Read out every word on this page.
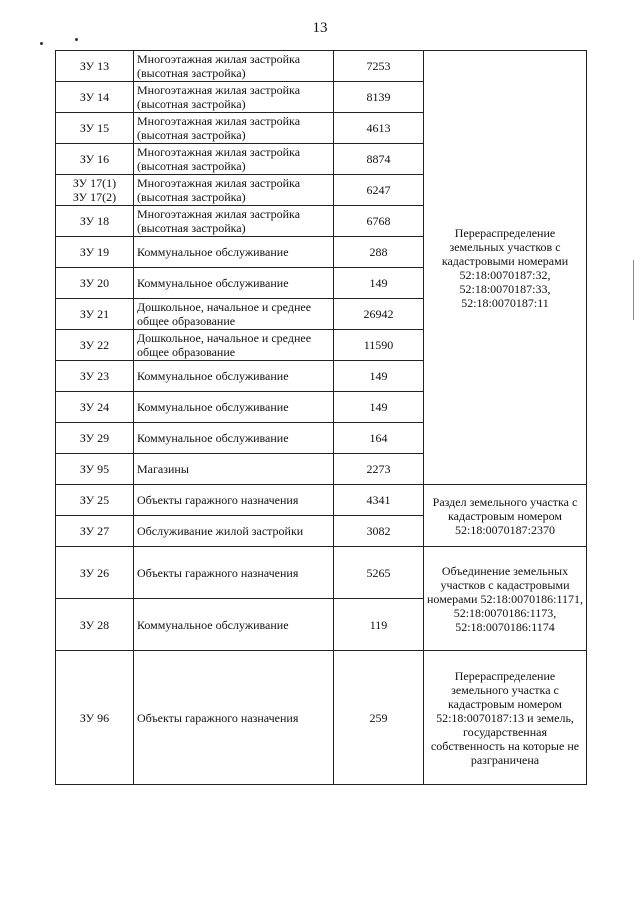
13
ЗУ 13	Многоэтажная жилая застройка (высотная застройка)	7253	Перераспределение земельных участков с кадастровыми номерами 52:18:0070187:32, 52:18:0070187:33, 52:18:0070187:11

ЗУ 14	Многоэтажная жилая застройка (высотная застройка)	8139	

ЗУ 15	Многоэтажная жилая застройка (высотная застройка)	4613	

ЗУ 16	Многоэтажная жилая застройка (высотная застройка)	8874	

ЗУ 17(1)
ЗУ 17(2)	Многоэтажная жилая застройка (высотная застройка)	6247	

ЗУ 18	Многоэтажная жилая застройка (высотная застройка)	6768	

ЗУ 19	Коммунальное обслуживание	288	

ЗУ 20	Коммунальное обслуживание	149	

ЗУ 21	Дошкольное, начальное и среднее общее образование	26942	

ЗУ 22	Дошкольное, начальное и среднее общее образование	11590	

ЗУ 23	Коммунальное обслуживание	149	

ЗУ 24	Коммунальное обслуживание	149	

ЗУ 29	Коммунальное обслуживание	164	

ЗУ 95	Магазины	2273	

ЗУ 25	Объекты гаражного назначения	4341	Раздел земельного участка с кадастровым номером 52:18:0070187:2370

ЗУ 27	Обслуживание жилой застройки	3082	

ЗУ 26	Объекты гаражного назначения	5265	Объединение земельных участков с кадастровыми номерами 52:18:0070186:1171, 52:18:0070186:1173, 52:18:0070186:1174

ЗУ 28	Коммунальное обслуживание	119	

ЗУ 96	Объекты гаражного назначения	259	Перераспределение земельного участка с кадастровым номером 52:18:0070187:13 и земель, государственная собственность на которые не разграничена
